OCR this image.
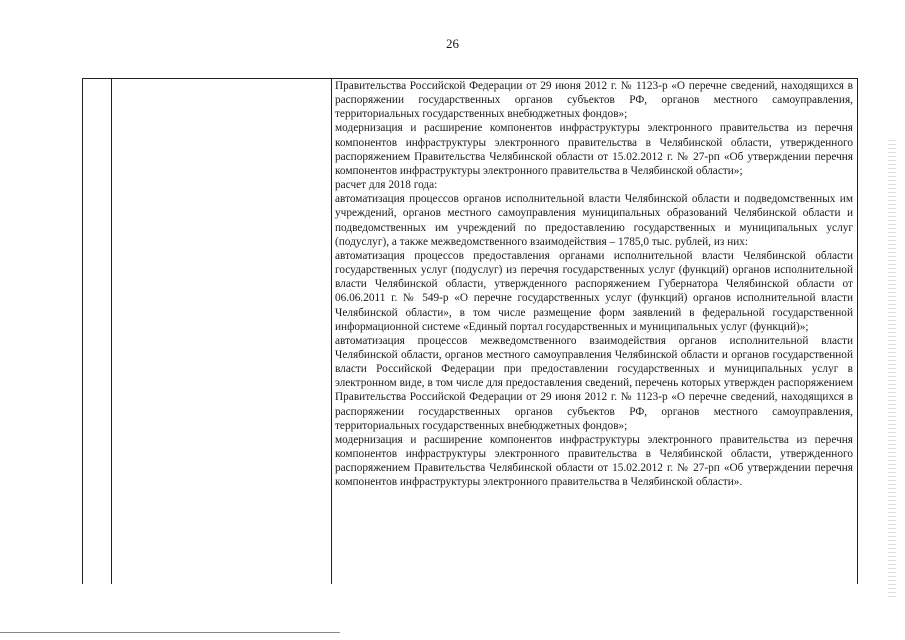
26

Правительства Российской Федерации от 29 июня 2012 г. № 1123-р «О перечне сведений, находящихся в распоряжении государственных органов субъектов РФ, органов местного самоуправления, территориальных государственных внебюджетных фондов»;

модернизация и расширение компонентов инфраструктуры электронного правительства из перечня компонентов инфраструктуры электронного правительства в Челябинской области, утвержденного распоряжением Правительства Челябинской области от 15.02.2012 г. № 27-рп «Об утверждении перечня компонентов инфраструктуры электронного правительства в Челябинской области»;

расчет для 2018 года:

автоматизация процессов органов исполнительной власти Челябинской области и подведомственных им учреждений, органов местного самоуправления муниципальных образований Челябинской области и подведомственных им учреждений по предоставлению государственных и муниципальных услуг (подуслуг), а также межведомственного взаимодействия – 1785,0 тыс. рублей, из них:

автоматизация процессов предоставления органами исполнительной власти Челябинской области государственных услуг (подуслуг) из перечня государственных услуг (функций) органов исполнительной власти Челябинской области, утвержденного распоряжением Губернатора Челябинской области от 06.06.2011 г. № 549-р «О перечне государственных услуг (функций) органов исполнительной власти Челябинской области», в том числе размещение форм заявлений в федеральной государственной информационной системе «Единый портал государственных и муниципальных услуг (функций)»;

автоматизация процессов межведомственного взаимодействия органов исполнительной власти Челябинской области, органов местного самоуправления Челябинской области и органов государственной власти Российской Федерации при предоставлении государственных и муниципальных услуг в электронном виде, в том числе для предоставления сведений, перечень которых утвержден распоряжением Правительства Российской Федерации от 29 июня 2012 г. № 1123-р «О перечне сведений, находящихся в распоряжении государственных органов субъектов РФ, органов местного самоуправления, территориальных государственных внебюджетных фондов»;

модернизация и расширение компонентов инфраструктуры электронного правительства из перечня компонентов инфраструктуры электронного правительства в Челябинской области, утвержденного распоряжением Правительства Челябинской области от 15.02.2012 г. № 27-рп «Об утверждении перечня компонентов инфраструктуры электронного правительства в Челябинской области».
